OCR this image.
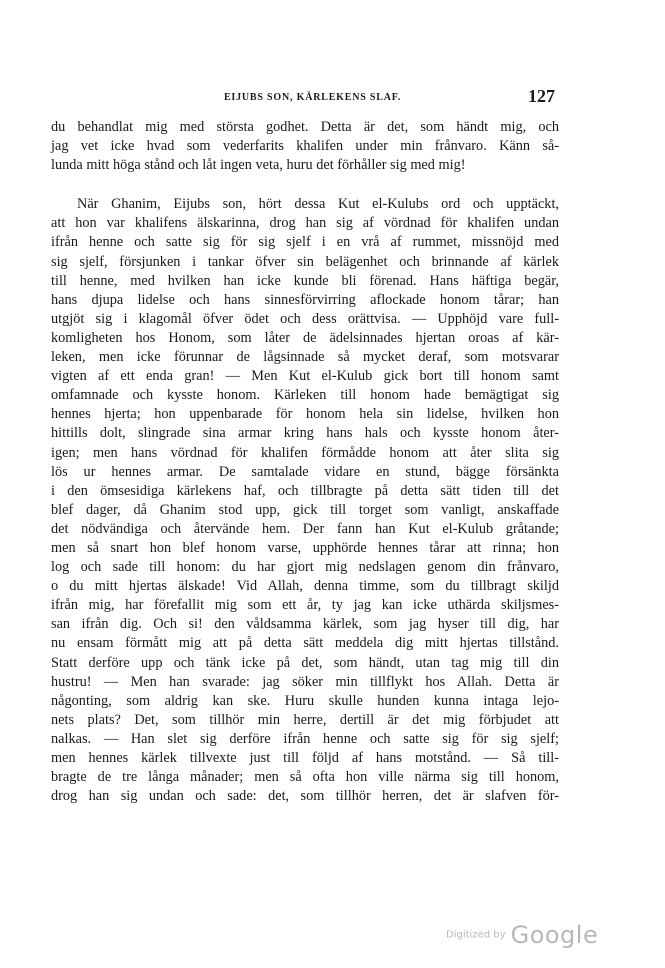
EIJUBS SON, KÄRLEKENS SLAF.	127
du behandlat mig med största godhet. Detta är det, som händt mig, och
jag vet icke hvad som vederfarits khalifen under min frånvaro. Känn så-
lunda mitt höga stånd och låt ingen veta, huru det förhåller sig med mig!
När Ghanim, Eijubs son, hört dessa Kut el-Kulubs ord och upptäckt,
att hon var khalifens älskarinna, drog han sig af vördnad för khalifen undan
ifrån henne och satte sig för sig sjelf i en vrå af rummet, missnöjd med
sig sjelf, försjunken i tankar öfver sin belägenhet och brinnande af kärlek
till henne, med hvilken han icke kunde bli förenad. Hans häftiga begär,
hans djupa lidelse och hans sinnesförvirring aflockade honom tårar; han
utgjöt sig i klagomål öfver ödet och dess orättvisa. — Upphöjd vare full-
komligheten hos Honom, som låter de ädelsinnades hjertan oroas af kär-
leken, men icke förunnar de lågsinnade så mycket deraf, som motsvarar
vigten af ett enda gran! — Men Kut el-Kulub gick bort till honom samt
omfamnade och kysste honom. Kärleken till honom hade bemägtigat sig
hennes hjerta; hon uppenbarade för honom hela sin lidelse, hvilken hon
hittills dolt, slingrade sina armar kring hans hals och kysste honom åter-
igen; men hans vördnad för khalifen förmådde honom att åter slita sig
lös ur hennes armar. De samtalade vidare en stund, bägge försänkta
i den ömsesidiga kärlekens haf, och tillbragte på detta sätt tiden till det
blef dager, då Ghanim stod upp, gick till torget som vanligt, anskaffade
det nödvändiga och återvände hem. Der fann han Kut el-Kulub gråtande;
men så snart hon blef honom varse, upphörde hennes tårar att rinna; hon
log och sade till honom: du har gjort mig nedslagen genom din frånvaro,
o du mitt hjertas älskade! Vid Allah, denna timme, som du tillbragt skiljd
ifrån mig, har förefallit mig som ett år, ty jag kan icke uthärda skiljsmes-
san ifrån dig. Och si! den våldsamma kärlek, som jag hyser till dig, har
nu ensam förmått mig att på detta sätt meddela dig mitt hjertas tillstånd.
Statt derföre upp och tänk icke på det, som händt, utan tag mig till din
hustru! — Men han svarade: jag söker min tillflykt hos Allah. Detta är
någonting, som aldrig kan ske. Huru skulle hunden kunna intaga lejo-
nets plats? Det, som tillhör min herre, dertill är det mig förbjudet att
nalkas. — Han slet sig derföre ifrån henne och satte sig för sig sjelf;
men hennes kärlek tillvexte just till följd af hans motstånd. — Så till-
bragte de tre långa månader; men så ofta hon ville närma sig till honom,
drog han sig undan och sade: det, som tillhör herren, det är slafven för-
Digitized by Google
